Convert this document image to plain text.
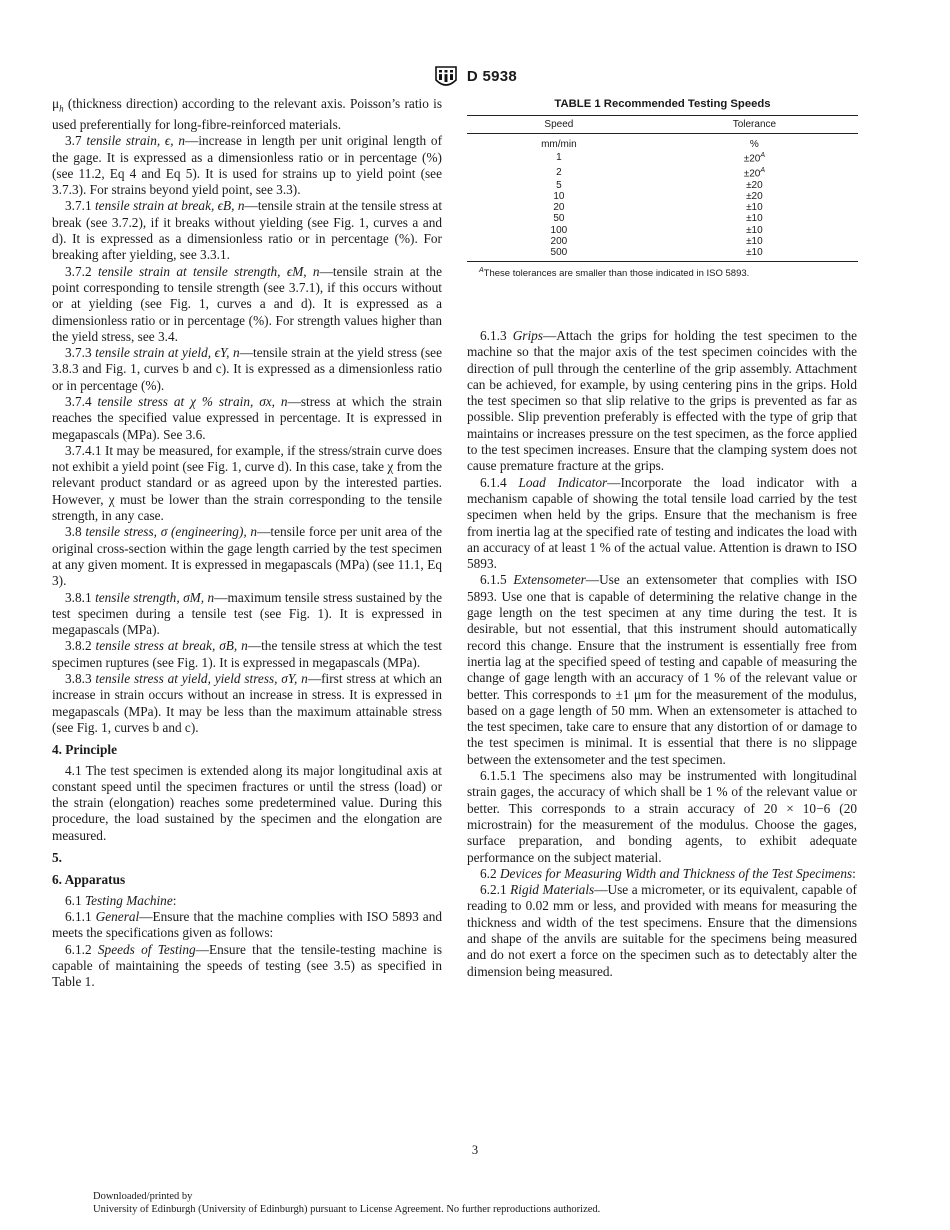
D 5938

$\mu_h$ (thickness direction) according to the relevant axis. Poisson’s ratio is used preferentially for long-fibre-reinforced materials.

3.7 tensile strain, ϵ, n—increase in length per unit original length of the gage. It is expressed as a dimensionless ratio or in percentage (%) (see 11.2, Eq 4 and Eq 5). It is used for strains up to yield point (see 3.7.3). For strains beyond yield point, see 3.3).

3.7.1 tensile strain at break, ϵB, n—tensile strain at the tensile stress at break (see 3.7.2), if it breaks without yielding (see Fig. 1, curves a and d). It is expressed as a dimensionless ratio or in percentage (%). For breaking after yielding, see 3.3.1.

3.7.2 tensile strain at tensile strength, ϵM, n—tensile strain at the point corresponding to tensile strength (see 3.7.1), if this occurs without or at yielding (see Fig. 1, curves a and d). It is expressed as a dimensionless ratio or in percentage (%). For strength values higher than the yield stress, see 3.4.

3.7.3 tensile strain at yield, ϵY, n—tensile strain at the yield stress (see 3.8.3 and Fig. 1, curves b and c). It is expressed as a dimensionless ratio or in percentage (%).

3.7.4 tensile stress at χ % strain, σx, n—stress at which the strain reaches the specified value expressed in percentage. It is expressed in megapascals (MPa). See 3.6.

3.7.4.1 It may be measured, for example, if the stress/strain curve does not exhibit a yield point (see Fig. 1, curve d). In this case, take χ from the relevant product standard or as agreed upon by the interested parties. However, χ must be lower than the strain corresponding to the tensile strength, in any case.

3.8 tensile stress, σ (engineering), n—tensile force per unit area of the original cross-section within the gage length carried by the test specimen at any given moment. It is expressed in megapascals (MPa) (see 11.1, Eq 3).

3.8.1 tensile strength, σM, n—maximum tensile stress sustained by the test specimen during a tensile test (see Fig. 1). It is expressed in megapascals (MPa).

3.8.2 tensile stress at break, σB, n—the tensile stress at which the test specimen ruptures (see Fig. 1). It is expressed in megapascals (MPa).

3.8.3 tensile stress at yield, yield stress, σY, n—first stress at which an increase in strain occurs without an increase in stress. It is expressed in megapascals (MPa). It may be less than the maximum attainable stress (see Fig. 1, curves b and c).

4. Principle

4.1 The test specimen is extended along its major longitudinal axis at constant speed until the specimen fractures or until the stress (load) or the strain (elongation) reaches some predetermined value. During this procedure, the load sustained by the specimen and the elongation are measured.

5.
6. Apparatus

6.1 Testing Machine:

6.1.1 General—Ensure that the machine complies with ISO 5893 and meets the specifications given as follows:

6.1.2 Speeds of Testing—Ensure that the tensile-testing machine is capable of maintaining the speeds of testing (see 3.5) as specified in Table 1.

TABLE 1 Recommended Testing Speeds
Speed	Tolerance
mm/min	%
1	$\pm 20^A$
2	$\pm 20^A$
5	±20
10	±20
20	±10
50	±10
100	±10
200	±10
500	±10
$^A$These tolerances are smaller than those indicated in ISO 5893.

6.1.3 Grips—Attach the grips for holding the test specimen to the machine so that the major axis of the test specimen coincides with the direction of pull through the centerline of the grip assembly. Attachment can be achieved, for example, by using centering pins in the grips. Hold the test specimen so that slip relative to the grips is prevented as far as possible. Slip prevention preferably is effected with the type of grip that maintains or increases pressure on the test specimen, as the force applied to the test specimen increases. Ensure that the clamping system does not cause premature fracture at the grips.

6.1.4 Load Indicator—Incorporate the load indicator with a mechanism capable of showing the total tensile load carried by the test specimen when held by the grips. Ensure that the mechanism is free from inertia lag at the specified rate of testing and indicates the load with an accuracy of at least 1 % of the actual value. Attention is drawn to ISO 5893.

6.1.5 Extensometer—Use an extensometer that complies with ISO 5893. Use one that is capable of determining the relative change in the gage length on the test specimen at any time during the test. It is desirable, but not essential, that this instrument should automatically record this change. Ensure that the instrument is essentially free from inertia lag at the specified speed of testing and capable of measuring the change of gage length with an accuracy of 1 % of the relevant value or better. This corresponds to ±1 μm for the measurement of the modulus, based on a gage length of 50 mm. When an extensometer is attached to the test specimen, take care to ensure that any distortion of or damage to the test specimen is minimal. It is essential that there is no slippage between the extensometer and the test specimen.

6.1.5.1 The specimens also may be instrumented with longitudinal strain gages, the accuracy of which shall be 1 % of the relevant value or better. This corresponds to a strain accuracy of 20 × 10−6 (20 microstrain) for the measurement of the modulus. Choose the gages, surface preparation, and bonding agents, to exhibit adequate performance on the subject material.

6.2 Devices for Measuring Width and Thickness of the Test Specimens:

6.2.1 Rigid Materials—Use a micrometer, or its equivalent, capable of reading to 0.02 mm or less, and provided with means for measuring the thickness and width of the test specimens. Ensure that the dimensions and shape of the anvils are suitable for the specimens being measured and do not exert a force on the specimen such as to detectably alter the dimension being measured.

3
Downloaded/printed by
University of Edinburgh (University of Edinburgh) pursuant to License Agreement. No further reproductions authorized.
